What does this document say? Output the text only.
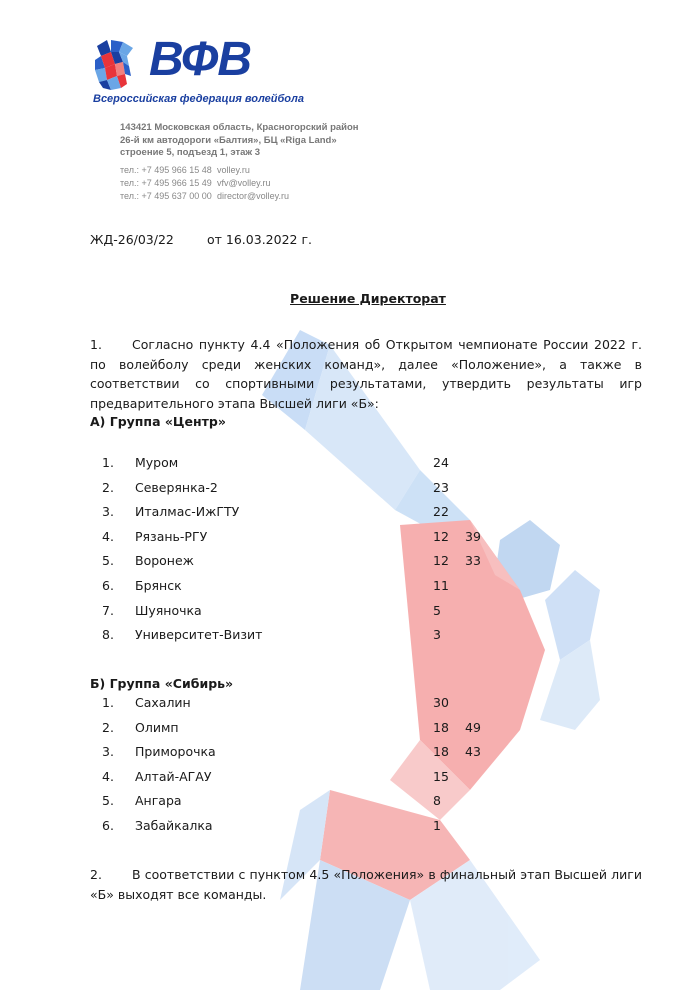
ВФВ
Всероссийская федерация волейбола
143421 Московская область, Красногорский район
26-й км автодороги «Балтия», БЦ «Riga Land»
строение 5, подъезд 1, этаж 3
тел.: +7 495 966 15 48 volley.ru
тел.: +7 495 966 15 49 vfv@volley.ru
тел.: +7 495 637 00 00 director@volley.ru
ЖД-26/03/22	от 16.03.2022 г.
Решение Директорат
1. Согласно пункту 4.4 «Положения об Открытом чемпионате России 2022 г. по волейболу среди женских команд», далее «Положение», а также в соответствии со спортивными результатами, утвердить результаты игр предварительного этапа Высшей лиги «Б»:
А) Группа «Центр»
1. Муром	24
2. Северянка-2	23
3. Италмас-ИжГТУ	22
4. Рязань-РГУ	12 39
5. Воронеж	12 33
6. Брянск	11
7. Шуяночка	5
8. Университет-Визит	3
Б) Группа «Сибирь»
1. Сахалин	30
2. Олимп	18 49
3. Приморочка	18 43
4. Алтай-АГАУ	15
5. Ангара	8
6. Забайкалка	1
2. В соответствии с пунктом 4.5 «Положения» в финальный этап Высшей лиги «Б» выходят все команды.
